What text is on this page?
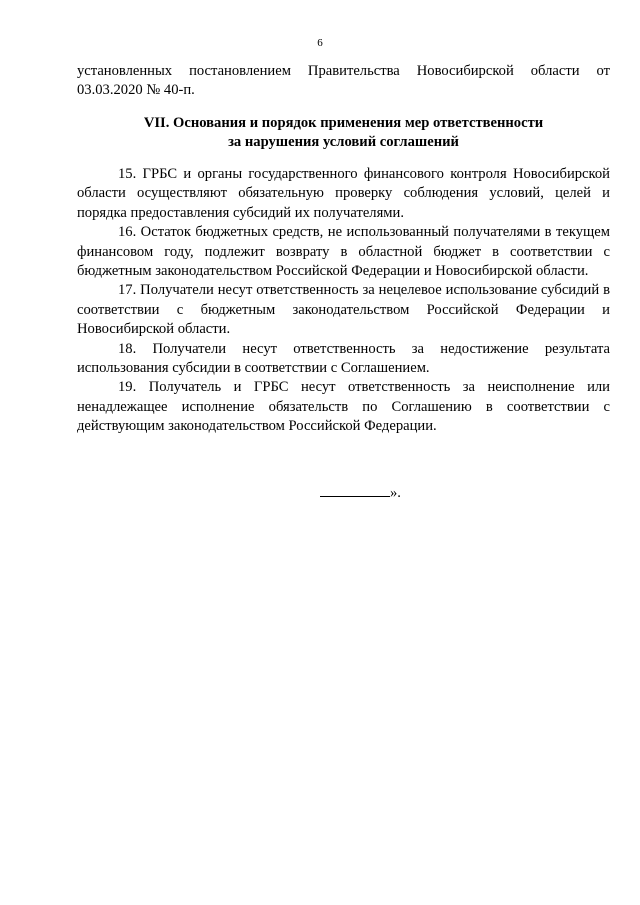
6

установленных постановлением Правительства Новосибирской области от 03.03.2020 № 40-п.

VII. Основания и порядок применения мер ответственности
за нарушения условий соглашений

15. ГРБС и органы государственного финансового контроля Новосибирской области осуществляют обязательную проверку соблюдения условий, целей и порядка предоставления субсидий их получателями.

16. Остаток бюджетных средств, не использованный получателями в текущем финансовом году, подлежит возврату в областной бюджет в соответствии с бюджетным законодательством Российской Федерации и Новосибирской области.

17. Получатели несут ответственность за нецелевое использование субсидий в соответствии с бюджетным законодательством Российской Федерации и Новосибирской области.

18. Получатели несут ответственность за недостижение результата использования субсидии в соответствии с Соглашением.

19. Получатель и ГРБС несут ответственность за неисполнение или ненадлежащее исполнение обязательств по Соглашению в соответствии с действующим законодательством Российской Федерации.

».
